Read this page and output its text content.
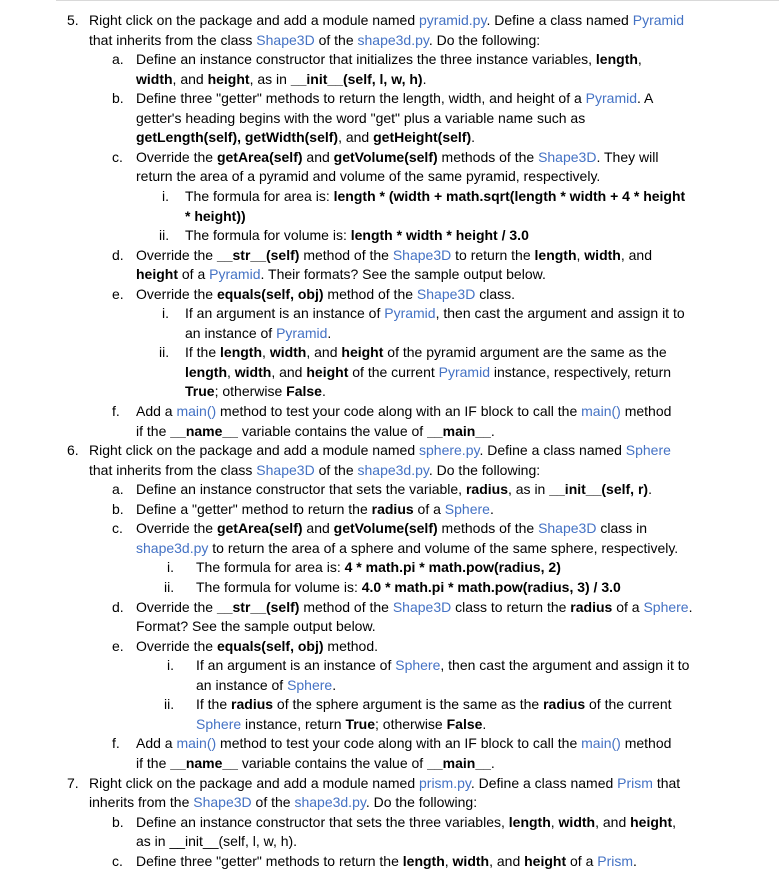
5. Right click on the package and add a module named pyramid.py. Define a class named Pyramid
that inherits from the class Shape3D of the shape3d.py. Do the following:
a. Define an instance constructor that initializes the three instance variables, length,
width, and height, as in __init__(self, l, w, h).
b. Define three "getter" methods to return the length, width, and height of a Pyramid. A
getter's heading begins with the word "get" plus a variable name such as
getLength(self), getWidth(self), and getHeight(self).
c. Override the getArea(self) and getVolume(self) methods of the Shape3D. They will
return the area of a pyramid and volume of the same pyramid, respectively.
i. The formula for area is: length * (width + math.sqrt(length * width + 4 * height
* height))
ii. The formula for volume is: length * width * height / 3.0
d. Override the __str__(self) method of the Shape3D to return the length, width, and
height of a Pyramid. Their formats? See the sample output below.
e. Override the equals(self, obj) method of the Shape3D class.
i. If an argument is an instance of Pyramid, then cast the argument and assign it to
an instance of Pyramid.
ii. If the length, width, and height of the pyramid argument are the same as the
length, width, and height of the current Pyramid instance, respectively, return
True; otherwise False.
f. Add a main() method to test your code along with an IF block to call the main() method
if the __name__ variable contains the value of __main__.
6. Right click on the package and add a module named sphere.py. Define a class named Sphere
that inherits from the class Shape3D of the shape3d.py. Do the following:
a. Define an instance constructor that sets the variable, radius, as in __init__(self, r).
b. Define a "getter" method to return the radius of a Sphere.
c. Override the getArea(self) and getVolume(self) methods of the Shape3D class in
shape3d.py to return the area of a sphere and volume of the same sphere, respectively.
i. The formula for area is: 4 * math.pi * math.pow(radius, 2)
ii. The formula for volume is: 4.0 * math.pi * math.pow(radius, 3) / 3.0
d. Override the __str__(self) method of the Shape3D class to return the radius of a Sphere.
Format? See the sample output below.
e. Override the equals(self, obj) method.
i. If an argument is an instance of Sphere, then cast the argument and assign it to
an instance of Sphere.
ii. If the radius of the sphere argument is the same as the radius of the current
Sphere instance, return True; otherwise False.
f. Add a main() method to test your code along with an IF block to call the main() method
if the __name__ variable contains the value of __main__.
7. Right click on the package and add a module named prism.py. Define a class named Prism that
inherits from the Shape3D of the shape3d.py. Do the following:
b. Define an instance constructor that sets the three variables, length, width, and height,
as in __init__(self, l, w, h).
c. Define three "getter" methods to return the length, width, and height of a Prism.
